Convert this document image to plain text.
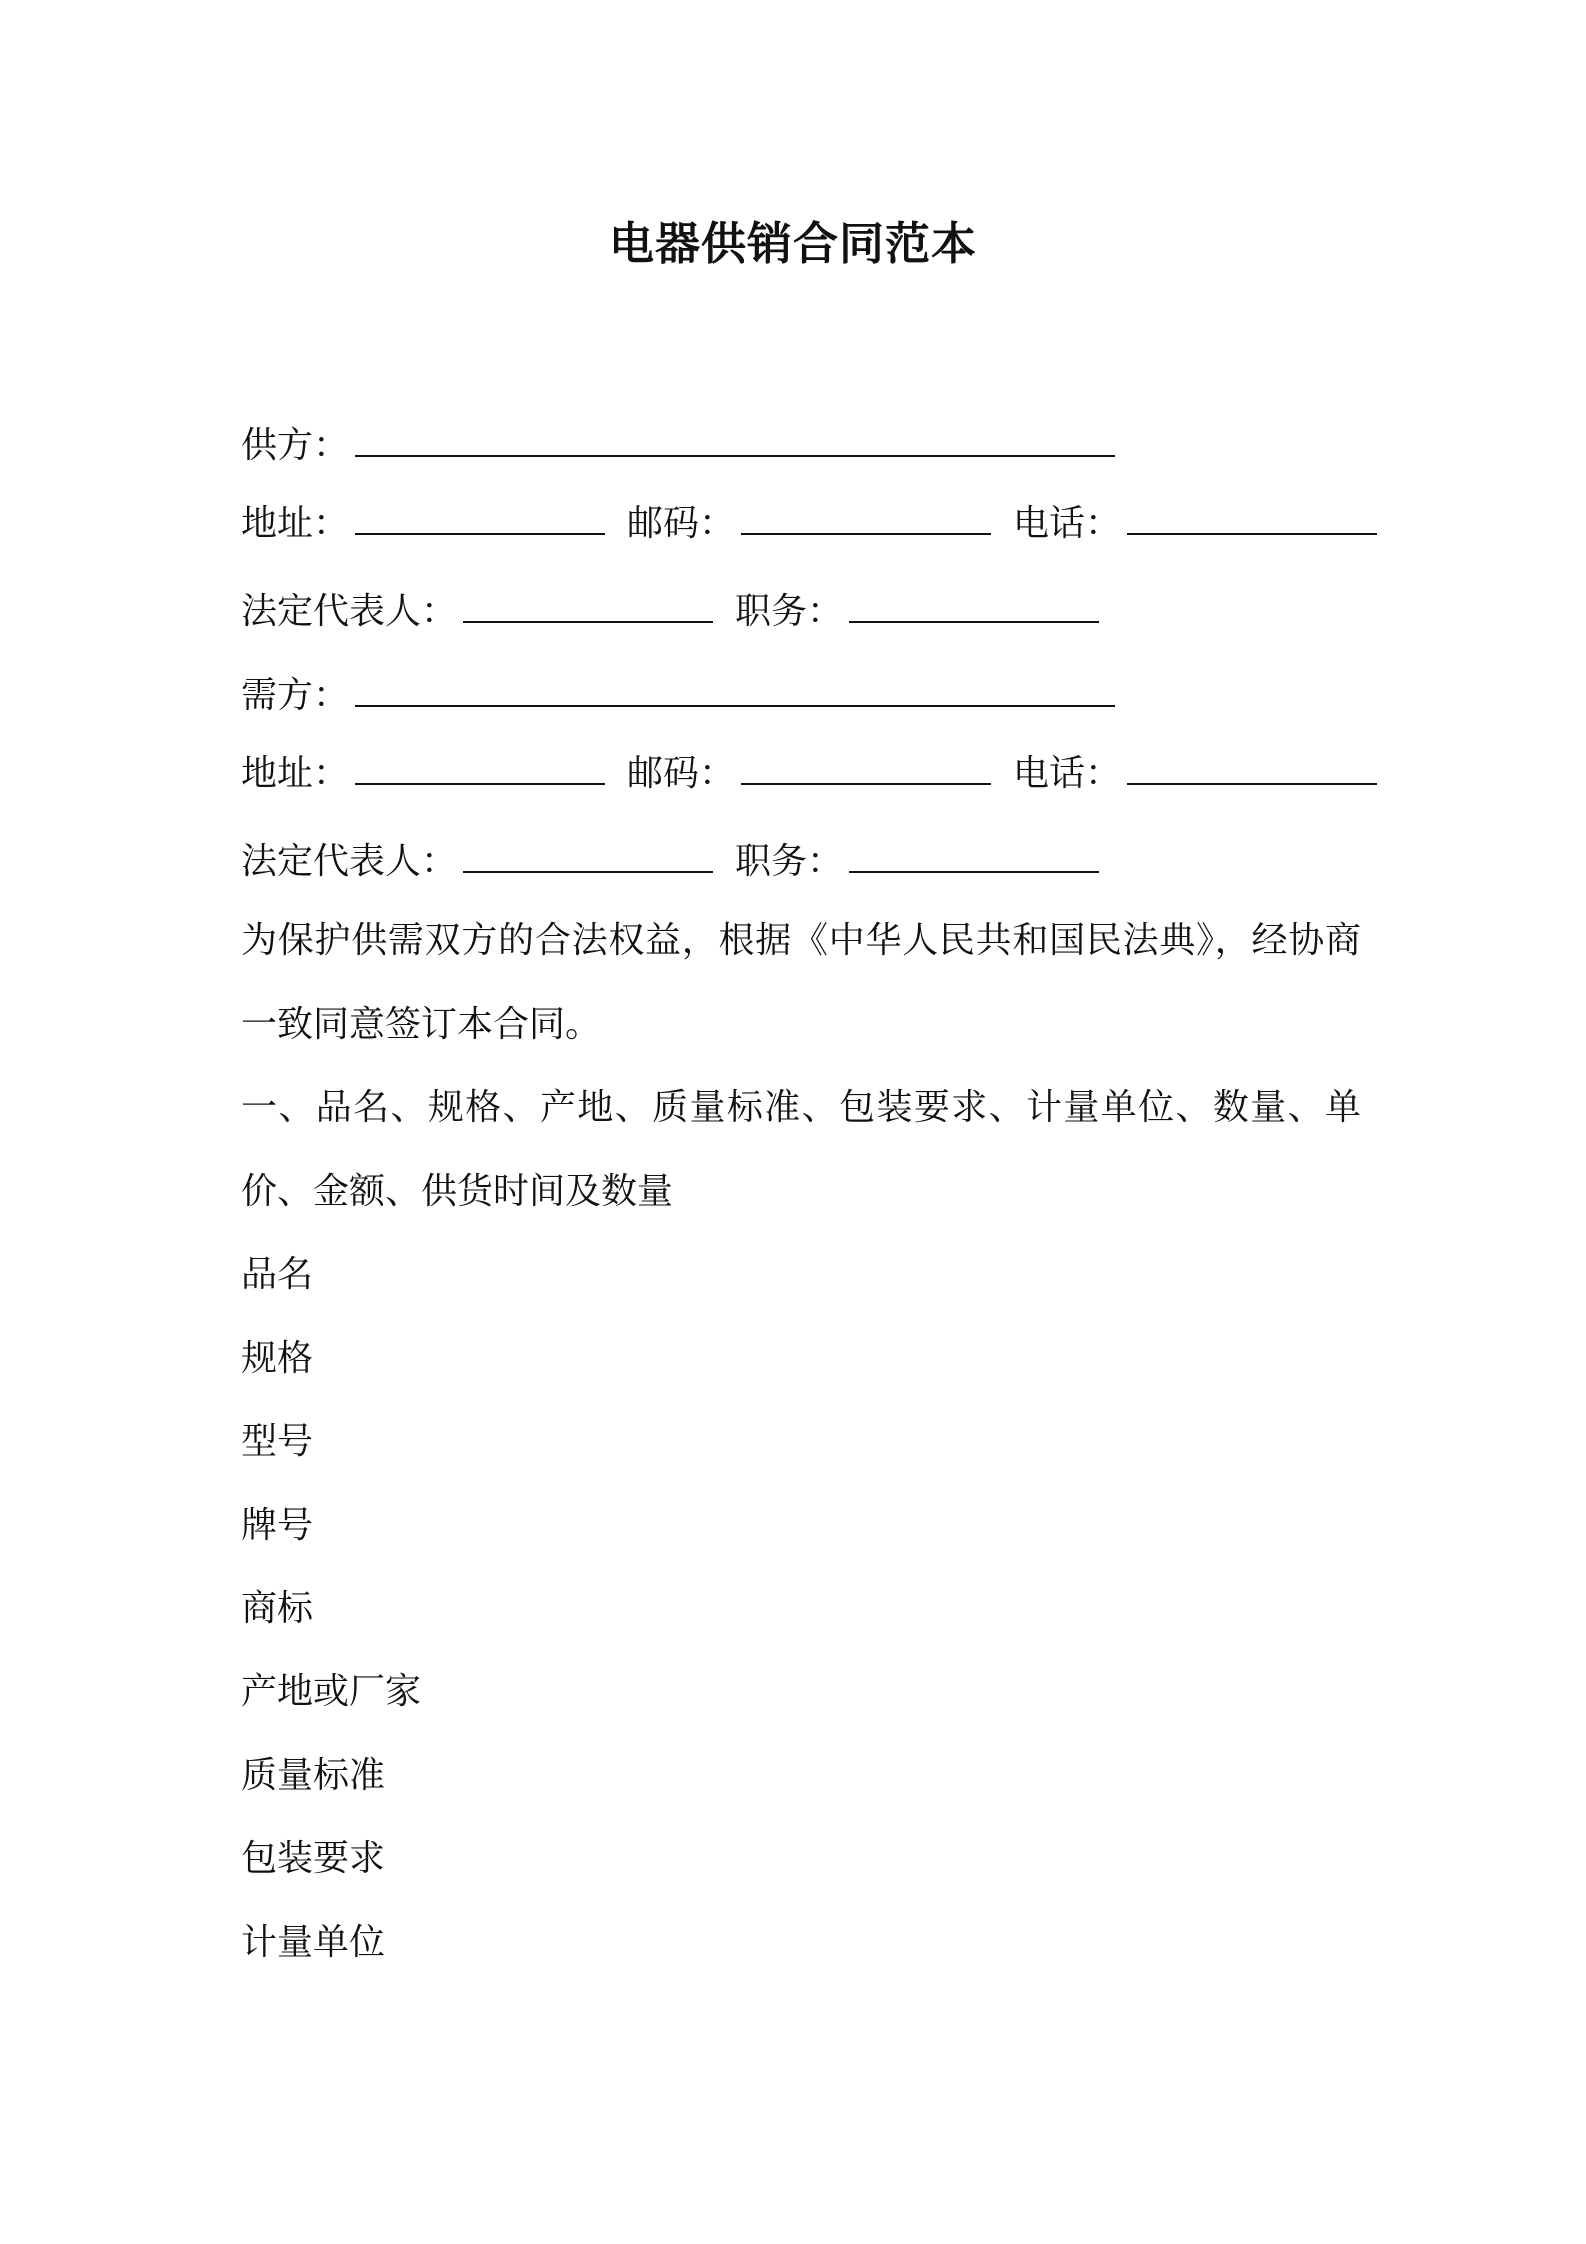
电器供销合同范本
供方：
地址：	邮码：	电话：
法定代表人：	职务：
需方：
地址：	邮码：	电话：
法定代表人：	职务：
为保护供需双方的合法权益，根据《中华人民共和国民法典》，经协商一致同意签订本合同。
一、品名、规格、产地、质量标准、包装要求、计量单位、数量、单价、金额、供货时间及数量
品名
规格
型号
牌号
商标
产地或厂家
质量标准
包装要求
计量单位
